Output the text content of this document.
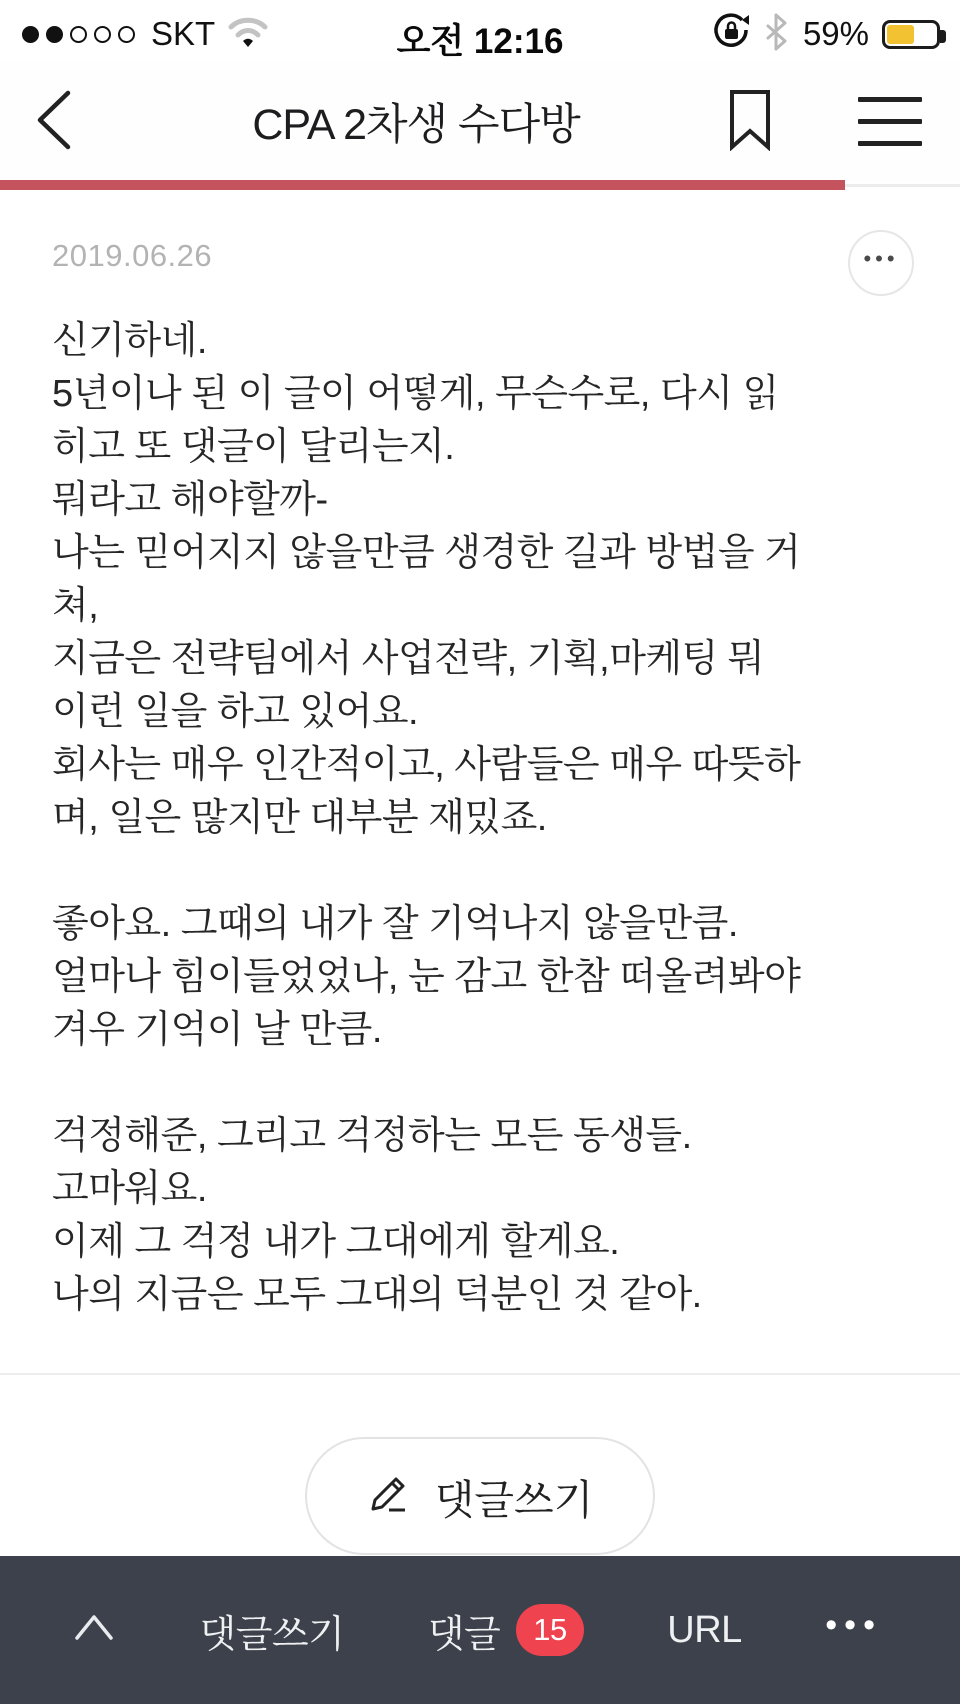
SKT	오전 12:16	59%
CPA 2차생 수다방
2019.06.26	•••
신기하네.
5년이나 된 이 글이 어떻게, 무슨수로, 다시 읽
히고 또 댓글이 달리는지.
뭐라고 해야할까-
나는 믿어지지 않을만큼 생경한 길과 방법을 거
쳐,
지금은 전략팀에서 사업전략, 기획,마케팅 뭐
이런 일을 하고 있어요.
회사는 매우 인간적이고, 사람들은 매우 따뜻하
며, 일은 많지만 대부분 재밌죠.

좋아요. 그때의 내가 잘 기억나지 않을만큼.
얼마나 힘이들었었나, 눈 감고 한참 떠올려봐야
겨우 기억이 날 만큼.

걱정해준, 그리고 걱정하는 모든 동생들.
고마워요.
이제 그 걱정 내가 그대에게 할게요.
나의 지금은 모두 그대의 덕분인 것 같아.
댓글쓰기
댓글쓰기 댓글	15	URL •••
